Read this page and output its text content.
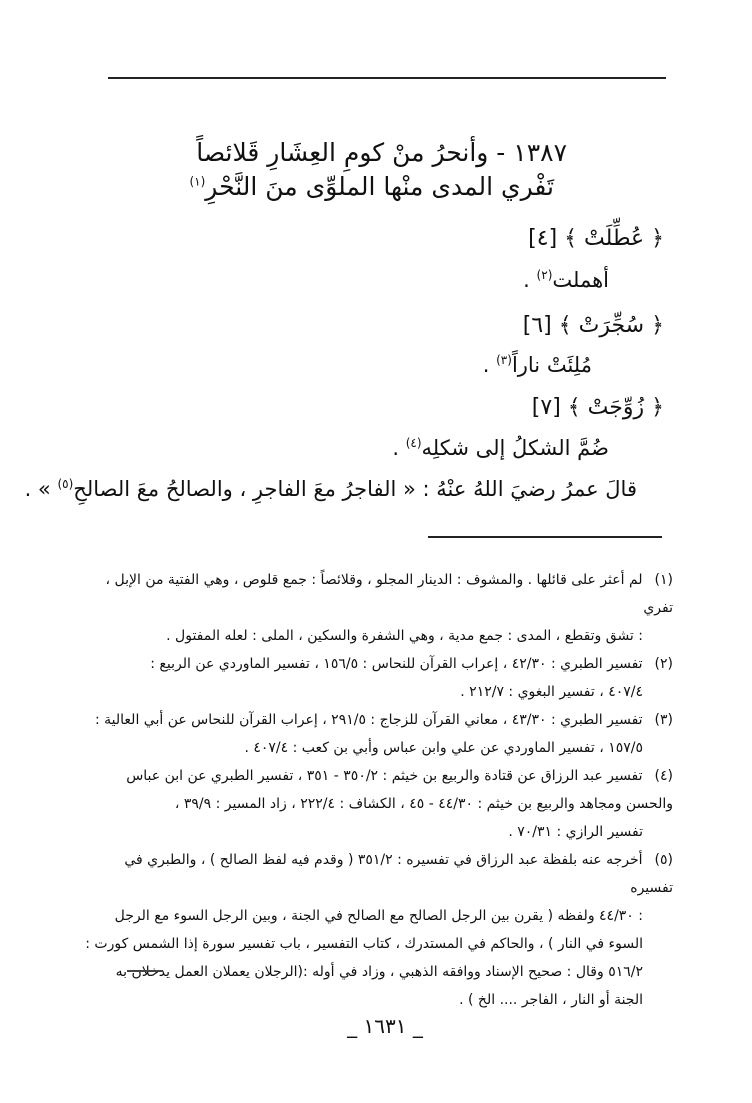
١٣٨٧ - وأنحرُ منْ كومِ العِشَارِ قَلائصاً
تَفْري المدى منْها الملوِّى منَ النَّحْرِ$^{(١)}$
﴿ عُطِّلَتْ ﴾ [٤]
أهملت$^{(٢)}$ .
﴿ سُجِّرَتْ ﴾ [٦]
مُلِئَتْ ناراً$^{(٣)}$ .
﴿ زُوِّجَتْ ﴾ [٧]
ضُمَّ الشكلُ إلى شكلِه$^{(٤)}$ .
قالَ عمرُ رضيَ اللهُ عنْهُ : « الفاجرُ معَ الفاجرِ ، والصالحُ معَ الصالحِ$^{(٥)}$ » .
(١) لم أعثر على قائلها . والمشوف : الدينار المجلو ، وقلائصاً : جمع قلوص ، وهي الفتية من الإبل ، تفري
: تشق وتقطع ، المدى : جمع مدية ، وهي الشفرة والسكين ، الملى : لعله المفتول .
(٢) تفسير الطبري : ٤٢/٣٠ ، إعراب القرآن للنحاس : ١٥٦/٥ ، تفسير الماوردي عن الربيع :
٤٠٧/٤ ، تفسير البغوي : ٢١٢/٧ .
(٣) تفسير الطبري : ٤٣/٣٠ ، معاني القرآن للزجاج : ٢٩١/٥ ، إعراب القرآن للنحاس عن أبي العالية :
١٥٧/٥ ، تفسير الماوردي عن علي وابن عباس وأبي بن كعب : ٤٠٧/٤ .
(٤) تفسير عبد الرزاق عن قتادة والربيع بن خيثم : ٣٥٠/٢ - ٣٥١ ، تفسير الطبري عن ابن عباس
والحسن ومجاهد والربيع بن خيثم : ٤٤/٣٠ - ٤٥ ، الكشاف : ٢٢٢/٤ ، زاد المسير : ٣٩/٩ ،
تفسير الرازي : ٧٠/٣١ .
(٥) أخرجه عنه بلفظة عبد الرزاق في تفسيره : ٣٥١/٢ ( وقدم فيه لفظ الصالح ) ، والطبري في تفسيره
: ٤٤/٣٠ ولفظه ( يقرن بين الرجل الصالح مع الصالح في الجنة ، وبين الرجل السوء مع الرجل
السوء في النار ) ، والحاكم في المستدرك ، كتاب التفسير ، باب تفسير سورة إذا الشمس كورت :
٥١٦/٢ وقال : صحيح الإسناد ووافقه الذهبي ، وزاد في أوله :(الرجلان يعملان العمل يدخلان به
الجنة أو النار ، الفاجر .... الخ ) .
_ ١٦٣١ _
